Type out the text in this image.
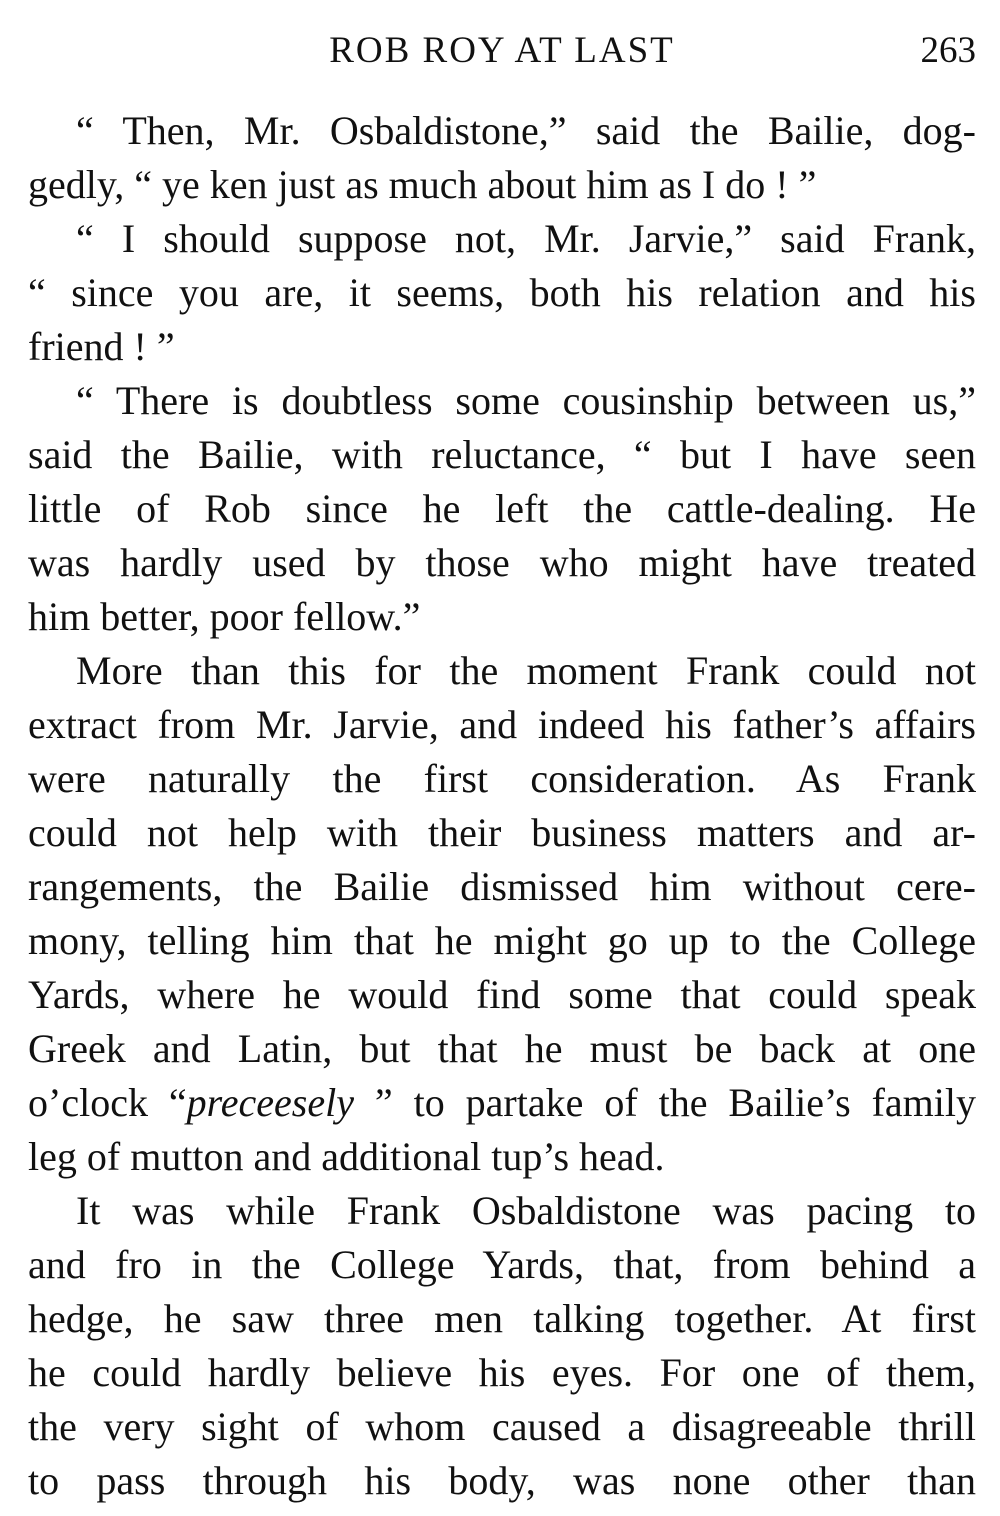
ROB ROY AT LAST	263
“ Then, Mr. Osbaldistone,” said the Bailie, dog-
gedly, “ ye ken just as much about him as I do ! ”
“ I should suppose not, Mr. Jarvie,” said Frank,
“ since you are, it seems, both his relation and his
friend ! ”
“ There is doubtless some cousinship between us,”
said the Bailie, with reluctance, “ but I have seen
little of Rob since he left the cattle-dealing. He
was hardly used by those who might have treated
him better, poor fellow.”
More than this for the moment Frank could not
extract from Mr. Jarvie, and indeed his father’s affairs
were naturally the first consideration. As Frank
could not help with their business matters and ar-
rangements, the Bailie dismissed him without cere-
mony, telling him that he might go up to the College
Yards, where he would find some that could speak
Greek and Latin, but that he must be back at one
o’clock “preceesely ” to partake of the Bailie’s family
leg of mutton and additional tup’s head.
It was while Frank Osbaldistone was pacing to
and fro in the College Yards, that, from behind a
hedge, he saw three men talking together. At first
he could hardly believe his eyes. For one of them,
the very sight of whom caused a disagreeable thrill
to pass through his body, was none other than
